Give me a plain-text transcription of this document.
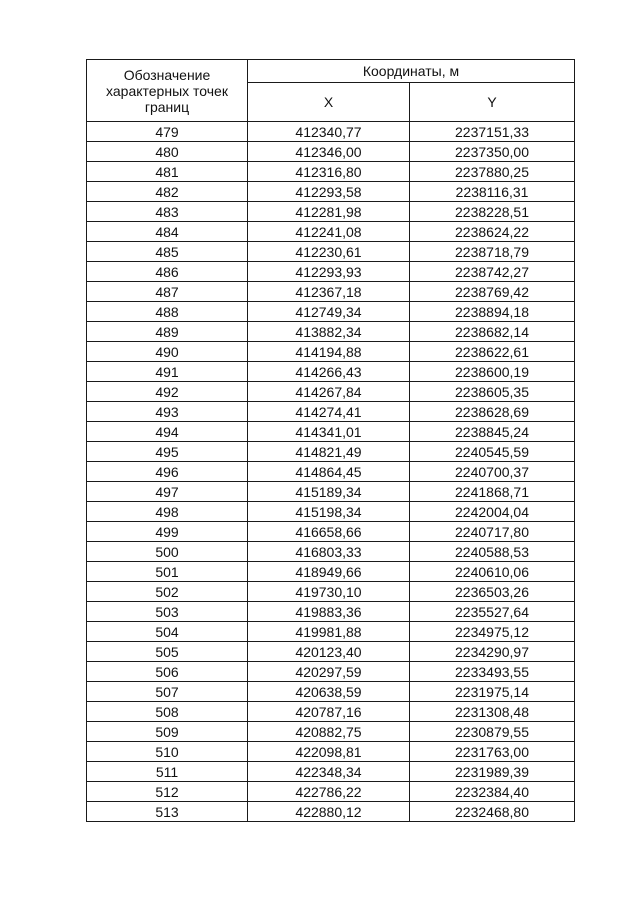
Обозначение характерных точек границ	Координаты, м	
	X	Y
479	412340,77	2237151,33
480	412346,00	2237350,00
481	412316,80	2237880,25
482	412293,58	2238116,31
483	412281,98	2238228,51
484	412241,08	2238624,22
485	412230,61	2238718,79
486	412293,93	2238742,27
487	412367,18	2238769,42
488	412749,34	2238894,18
489	413882,34	2238682,14
490	414194,88	2238622,61
491	414266,43	2238600,19
492	414267,84	2238605,35
493	414274,41	2238628,69
494	414341,01	2238845,24
495	414821,49	2240545,59
496	414864,45	2240700,37
497	415189,34	2241868,71
498	415198,34	2242004,04
499	416658,66	2240717,80
500	416803,33	2240588,53
501	418949,66	2240610,06
502	419730,10	2236503,26
503	419883,36	2235527,64
504	419981,88	2234975,12
505	420123,40	2234290,97
506	420297,59	2233493,55
507	420638,59	2231975,14
508	420787,16	2231308,48
509	420882,75	2230879,55
510	422098,81	2231763,00
511	422348,34	2231989,39
512	422786,22	2232384,40
513	422880,12	2232468,80
